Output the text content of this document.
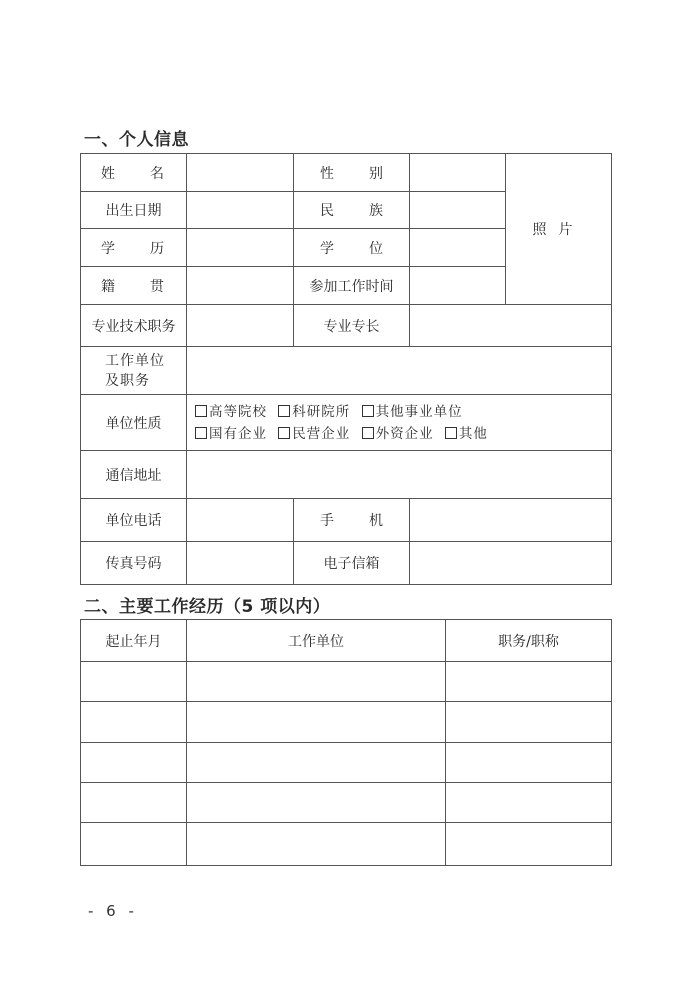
一、个人信息
姓 名		性 别		照片
出生日期		民 族		

学 历		学 位		

籍 贯		参加工作时间		
专业技术职务		专业专长		
工作单位及职务				
单位性质	高等院校 科研院所 其他事业单位
国有企业 民营企业 外资企业 其他			

通信地址				
单位电话		手 机		

传真号码		电子信箱		
二、主要工作经历（5 项以内）
起止年月	工作单位	职务/职称

- 6 -
